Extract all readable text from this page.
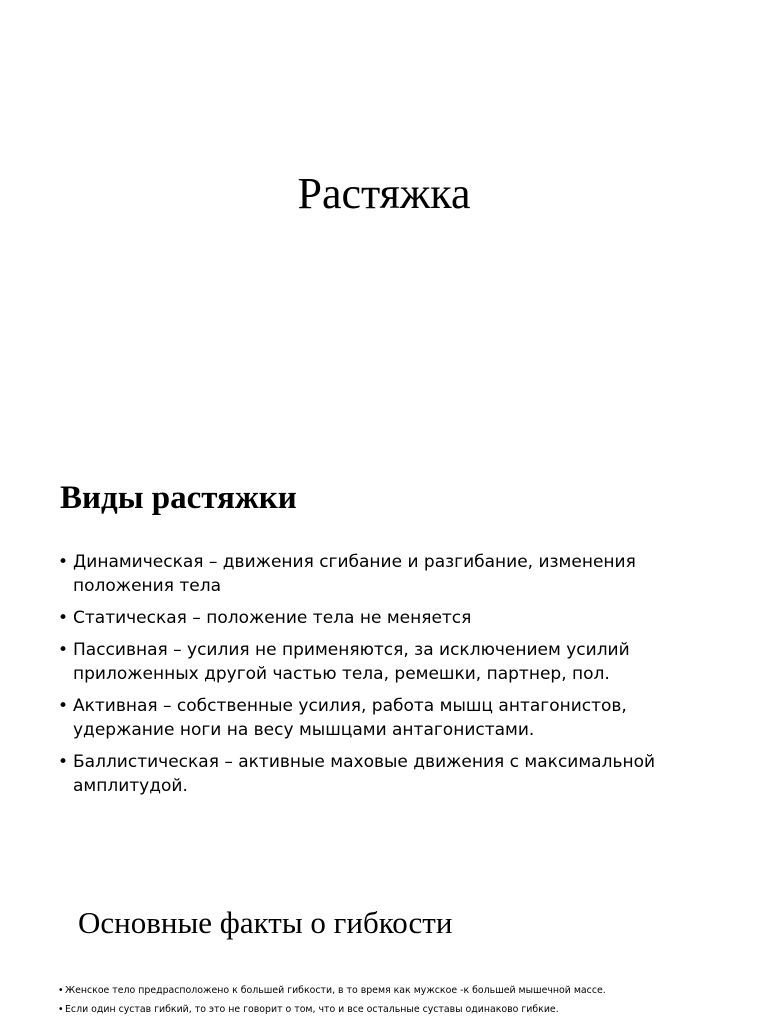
Растяжка
Виды растяжки
• Динамическая – движения сгибание и разгибание, изменения положения тела
• Статическая – положение тела не меняется
• Пассивная – усилия не применяются, за исключением усилий приложенных другой частью тела, ремешки, партнер, пол.
• Активная – собственные усилия, работа мышц антагонистов, удержание ноги на весу мышцами антагонистами.
• Баллистическая – активные маховые движения с максимальной амплитудой.
Основные факты о гибкости
• Женское тело предрасположено к большей гибкости, в то время как мужское -к большей мышечной массе.
• Если один сустав гибкий, то это не говорит о том, что и все остальные суставы одинаково гибкие.
